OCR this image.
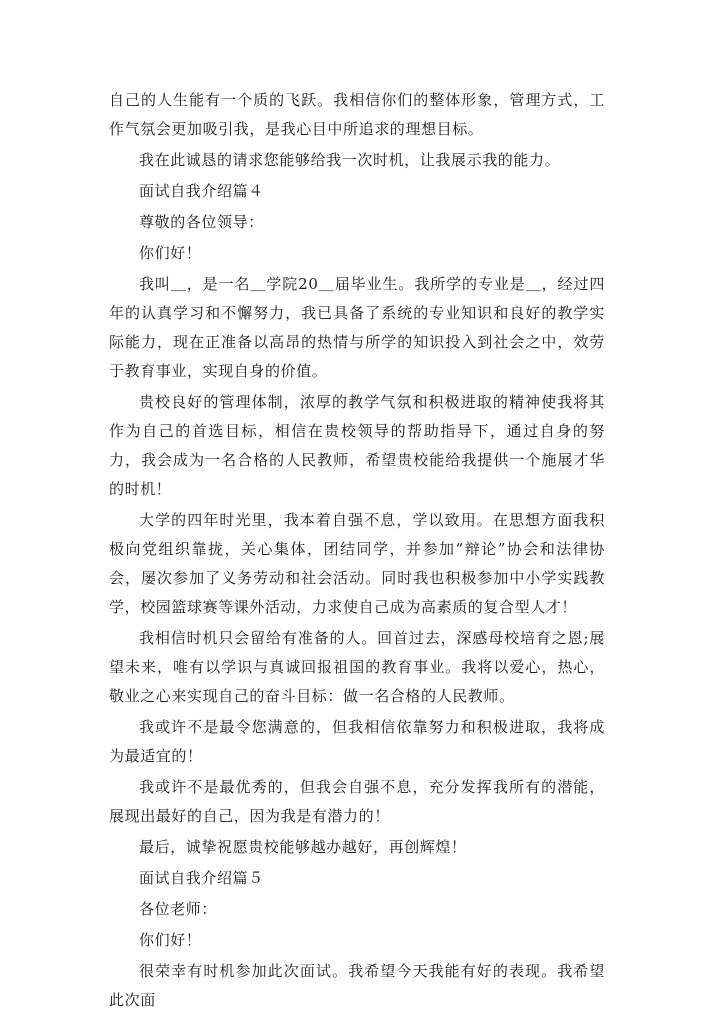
自己的人生能有一个质的飞跃。我相信你们的整体形象，管理方式，工作气氛会更加吸引我，是我心目中所追求的理想目标。

我在此诚恳的请求您能够给我一次时机，让我展示我的能力。

面试自我介绍篇４

尊敬的各位领导：

你们好！

我叫＿，是一名＿学院20＿届毕业生。我所学的专业是＿，经过四年的认真学习和不懈努力，我已具备了系统的专业知识和良好的教学实际能力，现在正准备以高昂的热情与所学的知识投入到社会之中，效劳于教育事业，实现自身的价值。

贵校良好的管理体制，浓厚的教学气氛和积极进取的精神使我将其作为自己的首选目标，相信在贵校领导的帮助指导下，通过自身的努力，我会成为一名合格的人民教师，希望贵校能给我提供一个施展才华的时机！

大学的四年时光里，我本着自强不息，学以致用。在思想方面我积极向党组织靠拢，关心集体，团结同学，并参加“辩论”协会和法律协会，屡次参加了义务劳动和社会活动。同时我也积极参加中小学实践教学，校园篮球赛等课外活动，力求使自己成为高素质的复合型人才！

我相信时机只会留给有准备的人。回首过去，深感母校培育之恩;展望未来，唯有以学识与真诚回报祖国的教育事业。我将以爱心，热心，敬业之心来实现自己的奋斗目标：做一名合格的人民教师。

我或许不是最令您满意的，但我相信依靠努力和积极进取，我将成为最适宜的！

我或许不是最优秀的，但我会自强不息，充分发挥我所有的潜能，展现出最好的自己，因为我是有潜力的！

最后，诚挚祝愿贵校能够越办越好，再创辉煌！

面试自我介绍篇５

各位老师：

你们好！

很荣幸有时机参加此次面试。我希望今天我能有好的表现。我希望此次面
